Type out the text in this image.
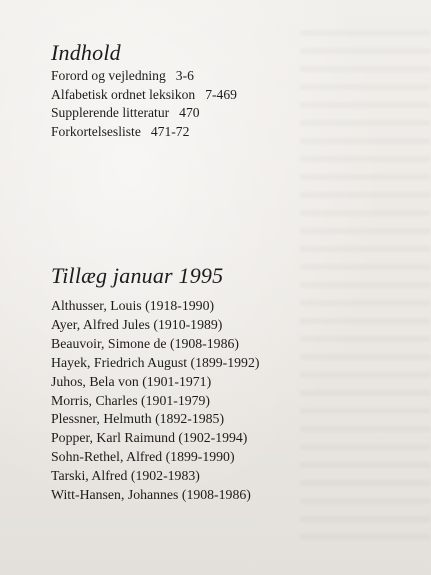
Indhold
Forord og vejledning 3-6
Alfabetisk ordnet leksikon 7-469
Supplerende litteratur 470
Forkortelsesliste 471-72
Tillæg januar 1995
Althusser, Louis (1918-1990)
Ayer, Alfred Jules (1910-1989)
Beauvoir, Simone de (1908-1986)
Hayek, Friedrich August (1899-1992)
Juhos, Bela von (1901-1971)
Morris, Charles (1901-1979)
Plessner, Helmuth (1892-1985)
Popper, Karl Raimund (1902-1994)
Sohn-Rethel, Alfred (1899-1990)
Tarski, Alfred (1902-1983)
Witt-Hansen, Johannes (1908-1986)
